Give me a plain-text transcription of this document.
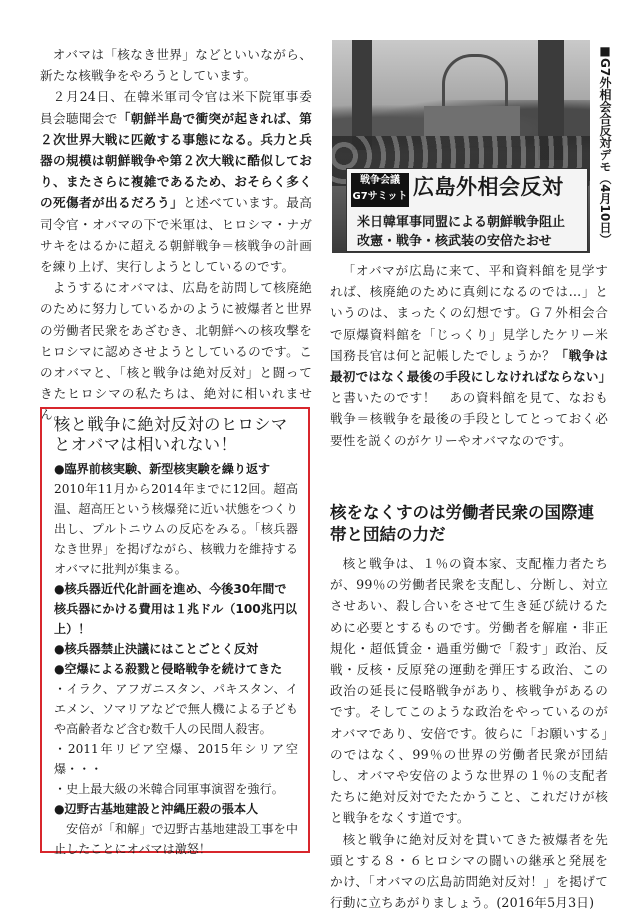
オバマは「核なき世界」などといいながら、新たな核戦争をやろうとしています。

２月24日、在韓米軍司令官は米下院軍事委員会聴聞会で「朝鮮半島で衝突が起きれば、第２次世界大戦に匹敵する事態になる。兵力と兵器の規模は朝鮮戦争や第２次大戦に酷似しており、またさらに複雑であるため、おそらく多くの死傷者が出るだろう」と述べています。最高司令官・オバマの下で米軍は、ヒロシマ・ナガサキをはるかに超える朝鮮戦争＝核戦争の計画を練り上げ、実行しようとしているのです。

ようするにオバマは、広島を訪問して核廃絶のために努力しているかのように被爆者と世界の労働者民衆をあざむき、北朝鮮への核攻撃をヒロシマに認めさせようとしているのです。このオバマと、「核と戦争は絶対反対」と闘ってきたヒロシマの私たちは、絶対に相いれません。

戦争会議
G7サミット 広島外相会反対
米日韓軍事同盟による朝鮮戦争阻止
改憲・戦争・核武装の安倍たおせ	■G7外相会合反対デモ（4月10日）

「オバマが広島に来て、平和資料館を見学すれば、核廃絶のために真剣になるのでは…」というのは、まったくの幻想です。Ｇ７外相会合で原爆資料館を「じっくり」見学したケリー米国務長官は何と記帳したでしょうか？「戦争は最初ではなく最後の手段にしなければならない」と書いたのです！　あの資料館を見て、なおも戦争＝核戦争を最後の手段としてとっておく必要性を説くのがケリーやオバマなのです。

核をなくすのは労働者民衆の国際連帯と団結の力だ

核と戦争は、１％の資本家、支配権力者たちが、99％の労働者民衆を支配し、分断し、対立させあい、殺し合いをさせて生き延び続けるために必要とするものです。労働者を解雇・非正規化・超低賃金・過重労働で「殺す」政治、反戦・反核・反原発の運動を弾圧する政治、この政治の延長に侵略戦争があり、核戦争があるのです。そしてこのような政治をやっているのがオバマであり、安倍です。彼らに「お願いする」のではなく、99％の世界の労働者民衆が団結し、オバマや安倍のような世界の１％の支配者たちに絶対反対でたたかうこと、これだけが核と戦争をなくす道です。

核と戦争に絶対反対を貫いてきた被爆者を先頭とする８・６ヒロシマの闘いの継承と発展をかけ、「オバマの広島訪問絶対反対！」を掲げて行動に立ちあがりましょう。(2016年5月3日)

核と戦争に絶対反対のヒロシマとオバマは相いれない！
●臨界前核実験、新型核実験を繰り返す

2010年11月から2014年までに12回。超高温、超高圧という核爆発に近い状態をつくり出し、プルトニウムの反応をみる。「核兵器なき世界」を掲げながら、核戦力を維持するオバマに批判が集まる。

●核兵器近代化計画を進め、今後30年間で核兵器にかける費用は１兆ドル（100兆円以上）！
●核兵器禁止決議にはことごとく反対
●空爆による殺戮と侵略戦争を続けてきた

・イラク、アフガニスタン、パキスタン、イエメン、ソマリアなどで無人機による子どもや高齢者など含む数千人の民間人殺害。

・2011年リビア空爆、2015年シリア空爆・・・

・史上最大級の米韓合同軍事演習を強行。

●辺野古基地建設と沖縄圧殺の張本人

安倍が「和解」で辺野古基地建設工事を中止したことにオバマは激怒！
